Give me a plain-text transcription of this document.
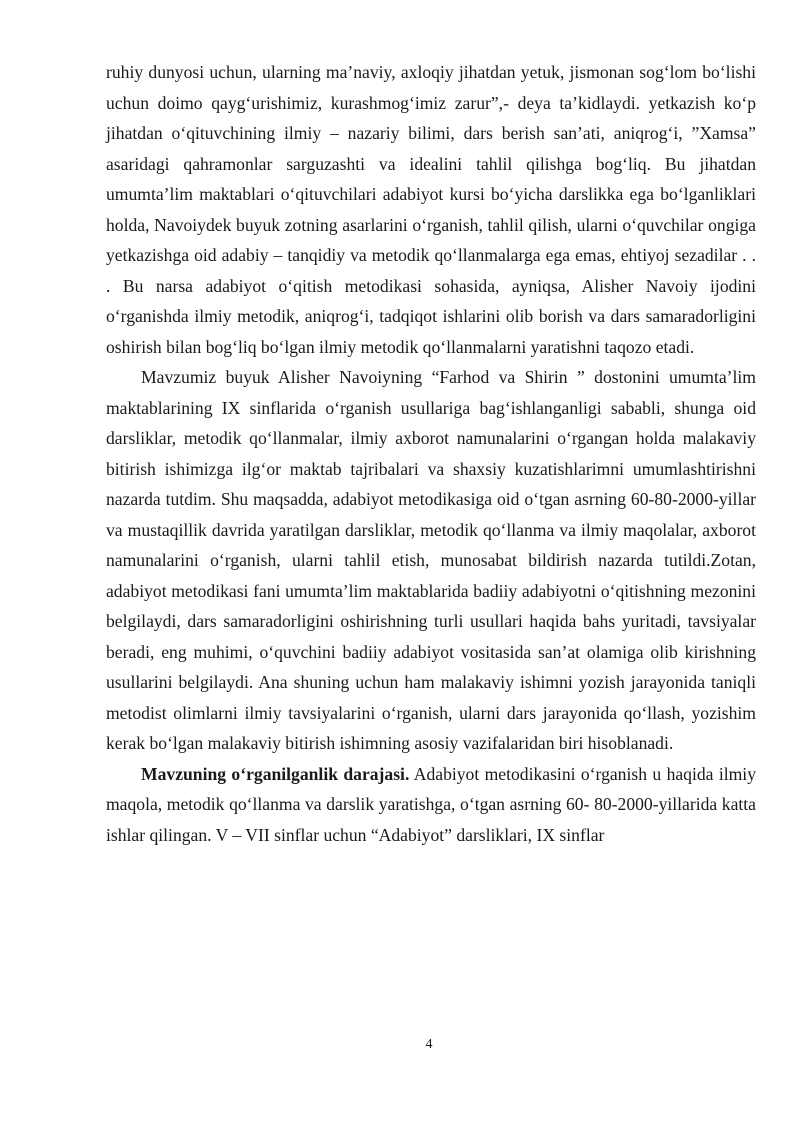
ruhiy dunyosi uchun, ularning ma’naviy, axloqiy jihatdan yetuk, jismonan sog‘lom bo‘lishi uchun doimo qayg‘urishimiz, kurashmog‘imiz zarur”,- deya ta’kidlaydi. yetkazish ko‘p jihatdan o‘qituvchining ilmiy – nazariy bilimi, dars berish san’ati, aniqrog‘i, ”Xamsa” asaridagi qahramonlar sarguzashti va idealini tahlil qilishga bog‘liq. Bu jihatdan umumta’lim maktablari o‘qituvchilari adabiyot kursi bo‘yicha darslikka ega bo‘lganliklari holda, Navoiydek buyuk zotning asarlarini o‘rganish, tahlil qilish, ularni o‘quvchilar ongiga yetkazishga oid adabiy – tanqidiy va metodik qo‘llanmalarga ega emas, ehtiyoj sezadilar . . . Bu narsa adabiyot o‘qitish metodikasi sohasida, ayniqsa, Alisher Navoiy ijodini o‘rganishda ilmiy metodik, aniqrog‘i, tadqiqot ishlarini olib borish va dars samaradorligini oshirish bilan bog‘liq bo‘lgan ilmiy metodik qo‘llanmalarni yaratishni taqozo etadi.

Mavzumiz buyuk Alisher Navoiyning “Farhod va Shirin ” dostonini umumta’lim maktablarining IX sinflarida o‘rganish usullariga bag‘ishlanganligi sababli, shunga oid darsliklar, metodik qo‘llanmalar, ilmiy axborot namunalarini o‘rgangan holda malakaviy bitirish ishimizga ilg‘or maktab tajribalari va shaxsiy kuzatishlarimni umumlashtirishni nazarda tutdim. Shu maqsadda, adabiyot metodikasiga oid o‘tgan asrning 60-80-2000-yillar va mustaqillik davrida yaratilgan darsliklar, metodik qo‘llanma va ilmiy maqolalar, axborot namunalarini o‘rganish, ularni tahlil etish, munosabat bildirish nazarda tutildi.Zotan, adabiyot metodikasi fani umumta’lim maktablarida badiiy adabiyotni o‘qitishning mezonini belgilaydi, dars samaradorligini oshirishning turli usullari haqida bahs yuritadi, tavsiyalar beradi, eng muhimi, o‘quvchini badiiy adabiyot vositasida san’at olamiga olib kirishning usullarini belgilaydi. Ana shuning uchun ham malakaviy ishimni yozish jarayonida taniqli metodist olimlarni ilmiy tavsiyalarini o‘rganish, ularni dars jarayonida qo‘llash, yozishim kerak bo‘lgan malakaviy bitirish ishimning asosiy vazifalaridan biri hisoblanadi.

Mavzuning o‘rganilganlik darajasi. Adabiyot metodikasini o‘rganish u haqida ilmiy maqola, metodik qo‘llanma va darslik yaratishga, o‘tgan asrning 60- 80-2000-yillarida katta ishlar qilingan. V – VII sinflar uchun “Adabiyot” darsliklari, IX sinflar

4
